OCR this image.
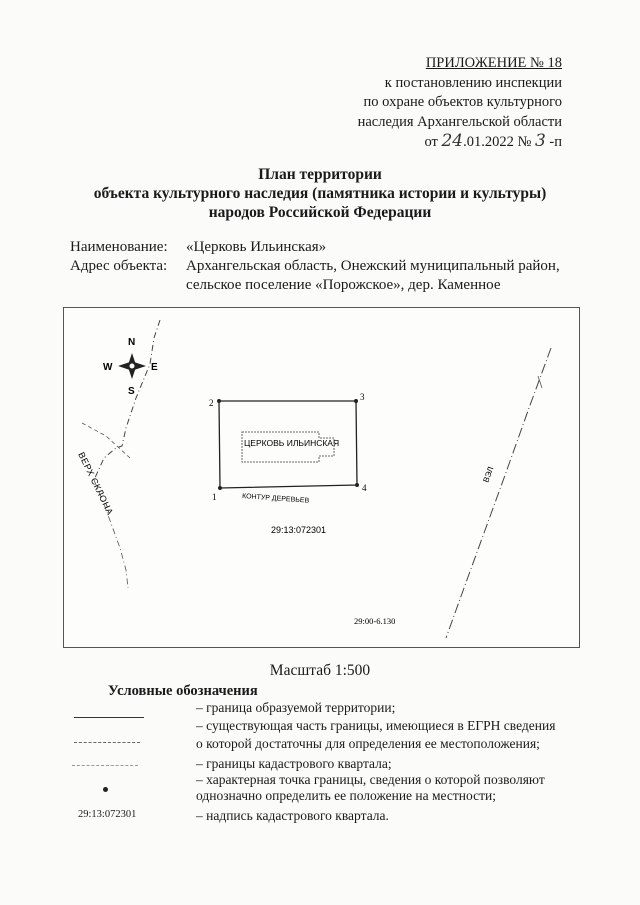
ПРИЛОЖЕНИЕ № 18
к постановлению инспекции
по охране объектов культурного
наследия Архангельской области
от 24.01.2022 № 3 -п
План территории
объекта культурного наследия (памятника истории и культуры)
народов Российской Федерации
Наименование: «Церковь Ильинская»
Адрес объекта: Архангельская область, Онежский муниципальный район,
сельское поселение «Порожское», дер. Каменное
N
S
W	E
ВЕРХ СКЛОНА	1
2
3
4
ЦЕРКОВЬ ИЛЬИНСКАЯ
КОНТУР ДЕРЕВЬЕВ
29:13:072301
29:00-6.130
ВЭЛ
Масштаб 1:500
Условные обозначения
29:13:072301
– граница образуемой территории;
– существующая часть границы, имеющиеся в ЕГРН сведения
о которой достаточны для определения ее местоположения;
– границы кадастрового квартала;
– характерная точка границы, сведения о которой позволяют
однозначно определить ее положение на местности;
– надпись кадастрового квартала.
